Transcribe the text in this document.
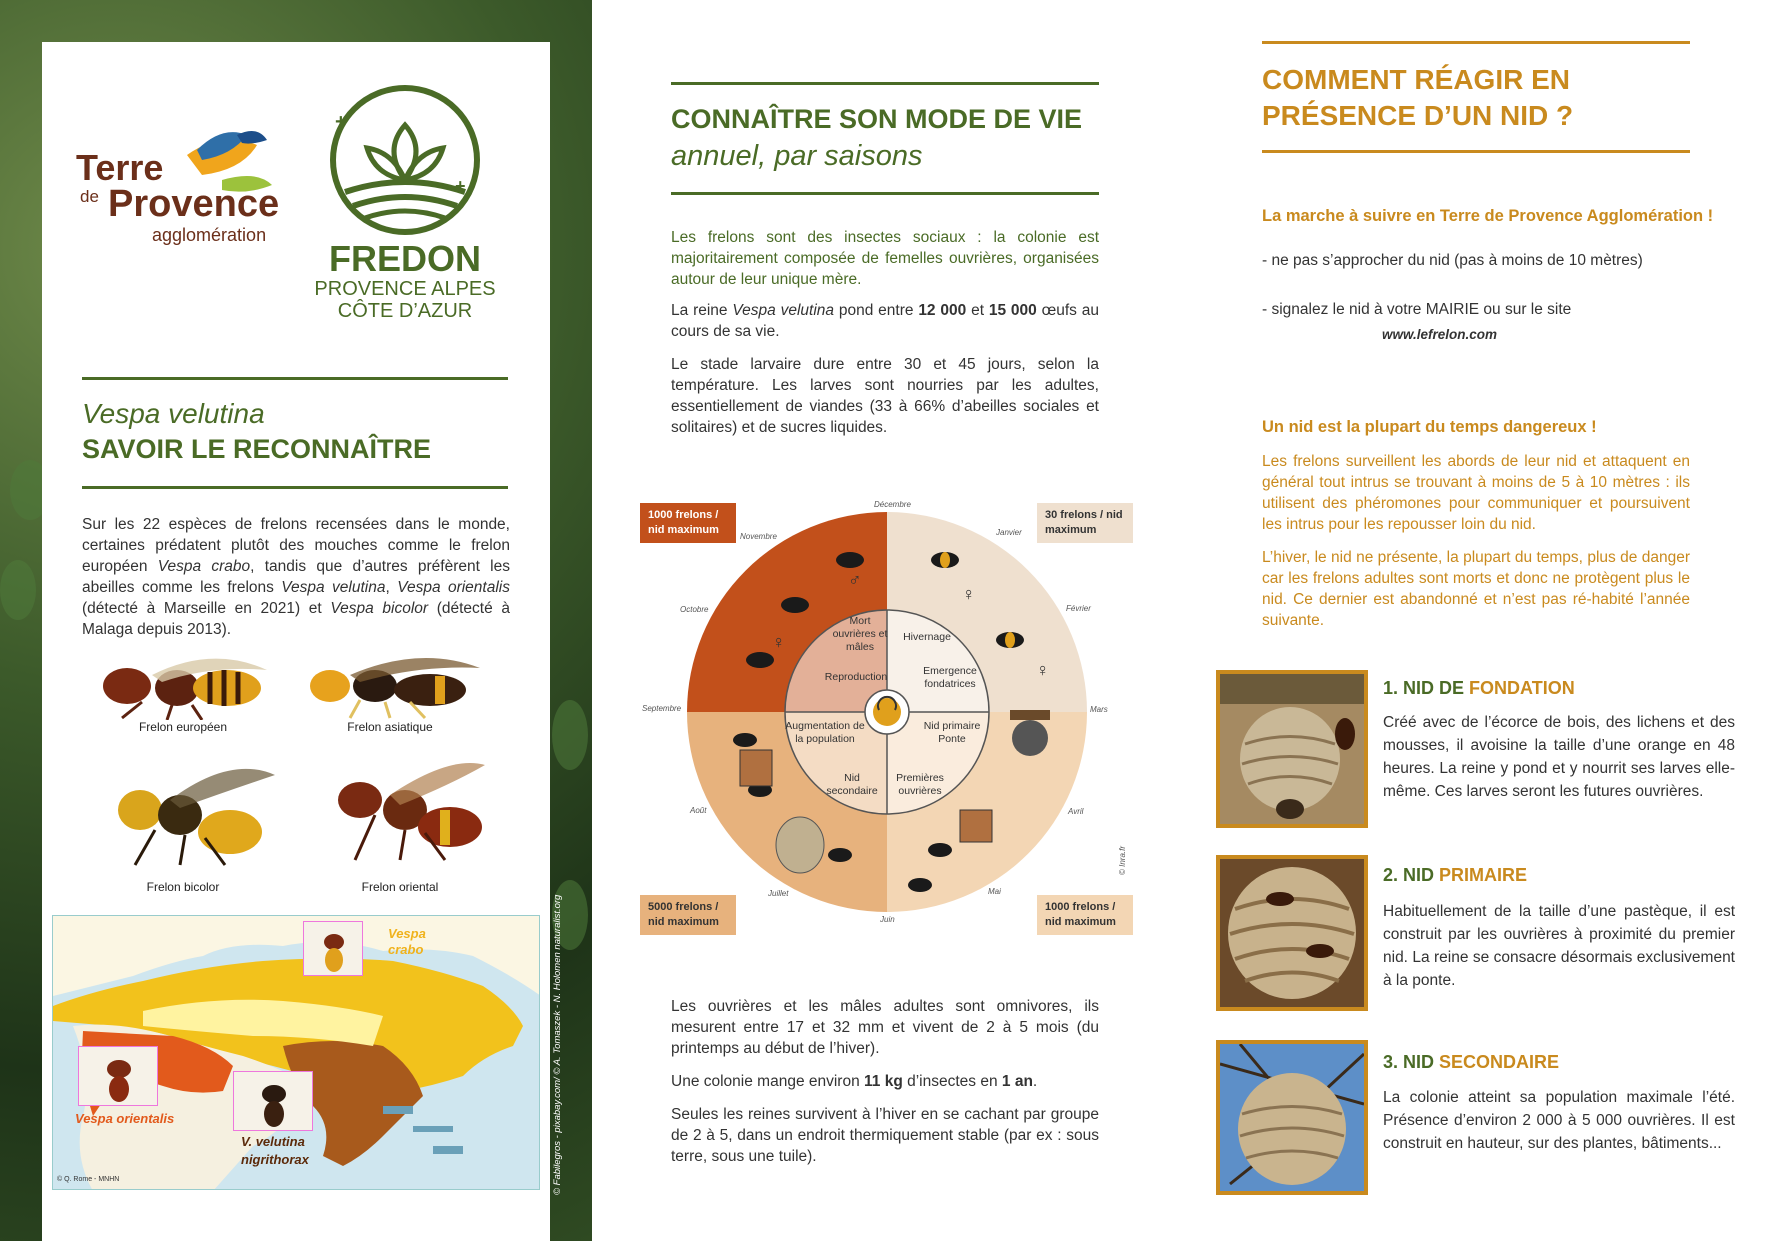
Terre
de Provence
agglomération
+
+
FREDON
PROVENCE ALPES
CÔTE D’AZUR
Vespa velutina
SAVOIR LE RECONNAÎTRE
Sur les 22 espèces de frelons recensées dans le monde, certaines prédatent plutôt des mouches comme le frelon européen Vespa crabo, tandis que d’autres préfèrent les abeilles comme les frelons Vespa velutina, Vespa orientalis (détecté à Marseille en 2021) et Vespa bicolor (détecté à Malaga depuis 2013).
Frelon européen	Frelon asiatique
Frelon bicolor	Frelon oriental
Vespa crabo
Vespa orientalis
V. velutina
nigrithorax
© Q. Rome - MNHN	© Fabilegros - pixabay.com/ © A. Tomaszek - N. Holomen naturalist.org
CONNAÎTRE SON MODE DE VIE
annuel, par saisons
Les frelons sont des insectes sociaux : la colonie est majoritairement composée de femelles ouvrières, organisées autour de leur unique mère.
La reine Vespa velutina pond entre 12 000 et 15 000 œufs au cours de sa vie.
Le stade larvaire dure entre 30 et 45 jours, selon la température. Les larves sont nourries par les adultes, essentiellement de viandes (33 à 66% d’abeilles sociales et solitaires) et de sucres liquides.
Décembre
Janvier
Février
Mars
Avril
Mai
Juin
Juillet
Août
Septembre
Octobre
Novembre
Mort ouvrières et mâles
Reproduction
Hivernage
Emergence fondatrices
Augmentation de la population
Nid primaire Ponte
Nid secondaire
Premières ouvrières
♂
♀
♀
♀
1000 frelons / nid maximum
30 frelons / nid maximum
5000 frelons / nid maximum
1000 frelons / nid maximum
© Inra.fr
Les ouvrières et les mâles adultes sont omnivores, ils mesurent entre 17 et 32 mm et vivent de 2 à 5 mois (du printemps au début de l’hiver).
Une colonie mange environ 11 kg d’insectes en 1 an.
Seules les reines survivent à l’hiver en se cachant par groupe de 2 à 5, dans un endroit thermiquement stable (par ex : sous terre, sous une tuile).
COMMENT RÉAGIR EN
PRÉSENCE D’UN NID ?
La marche à suivre en Terre de Provence Agglomération !
- ne pas s’approcher du nid (pas à moins de 10 mètres)
- signalez le nid à votre MAIRIE ou sur le site
www.lefrelon.com
Un nid est la plupart du temps dangereux !
Les frelons surveillent les abords de leur nid et attaquent en général tout intrus se trouvant à moins de 5 à 10 mètres : ils utilisent des phéromones pour communiquer et poursuivent les intrus pour les repousser loin du nid.
L’hiver, le nid ne présente, la plupart du temps, plus de danger car les frelons adultes sont morts et donc ne protègent plus le nid. Ce dernier est abandonné et n’est pas ré-habité l’année suivante.
1. NID DE FONDATION
Créé avec de l’écorce de bois, des lichens et des mousses, il avoisine la taille d’une orange en 48 heures. La reine y pond et y nourrit ses larves elle-même. Ces larves seront les futures ouvrières.
2. NID PRIMAIRE
Habituellement de la taille d’une pastèque, il est construit par les ouvrières à proximité du premier nid. La reine se consacre désormais exclusivement à la ponte.
3. NID SECONDAIRE
La colonie atteint sa population maximale l’été. Présence d’environ 2 000 à 5 000 ouvrières. Il est construit en hauteur, sur des plantes, bâtiments...
